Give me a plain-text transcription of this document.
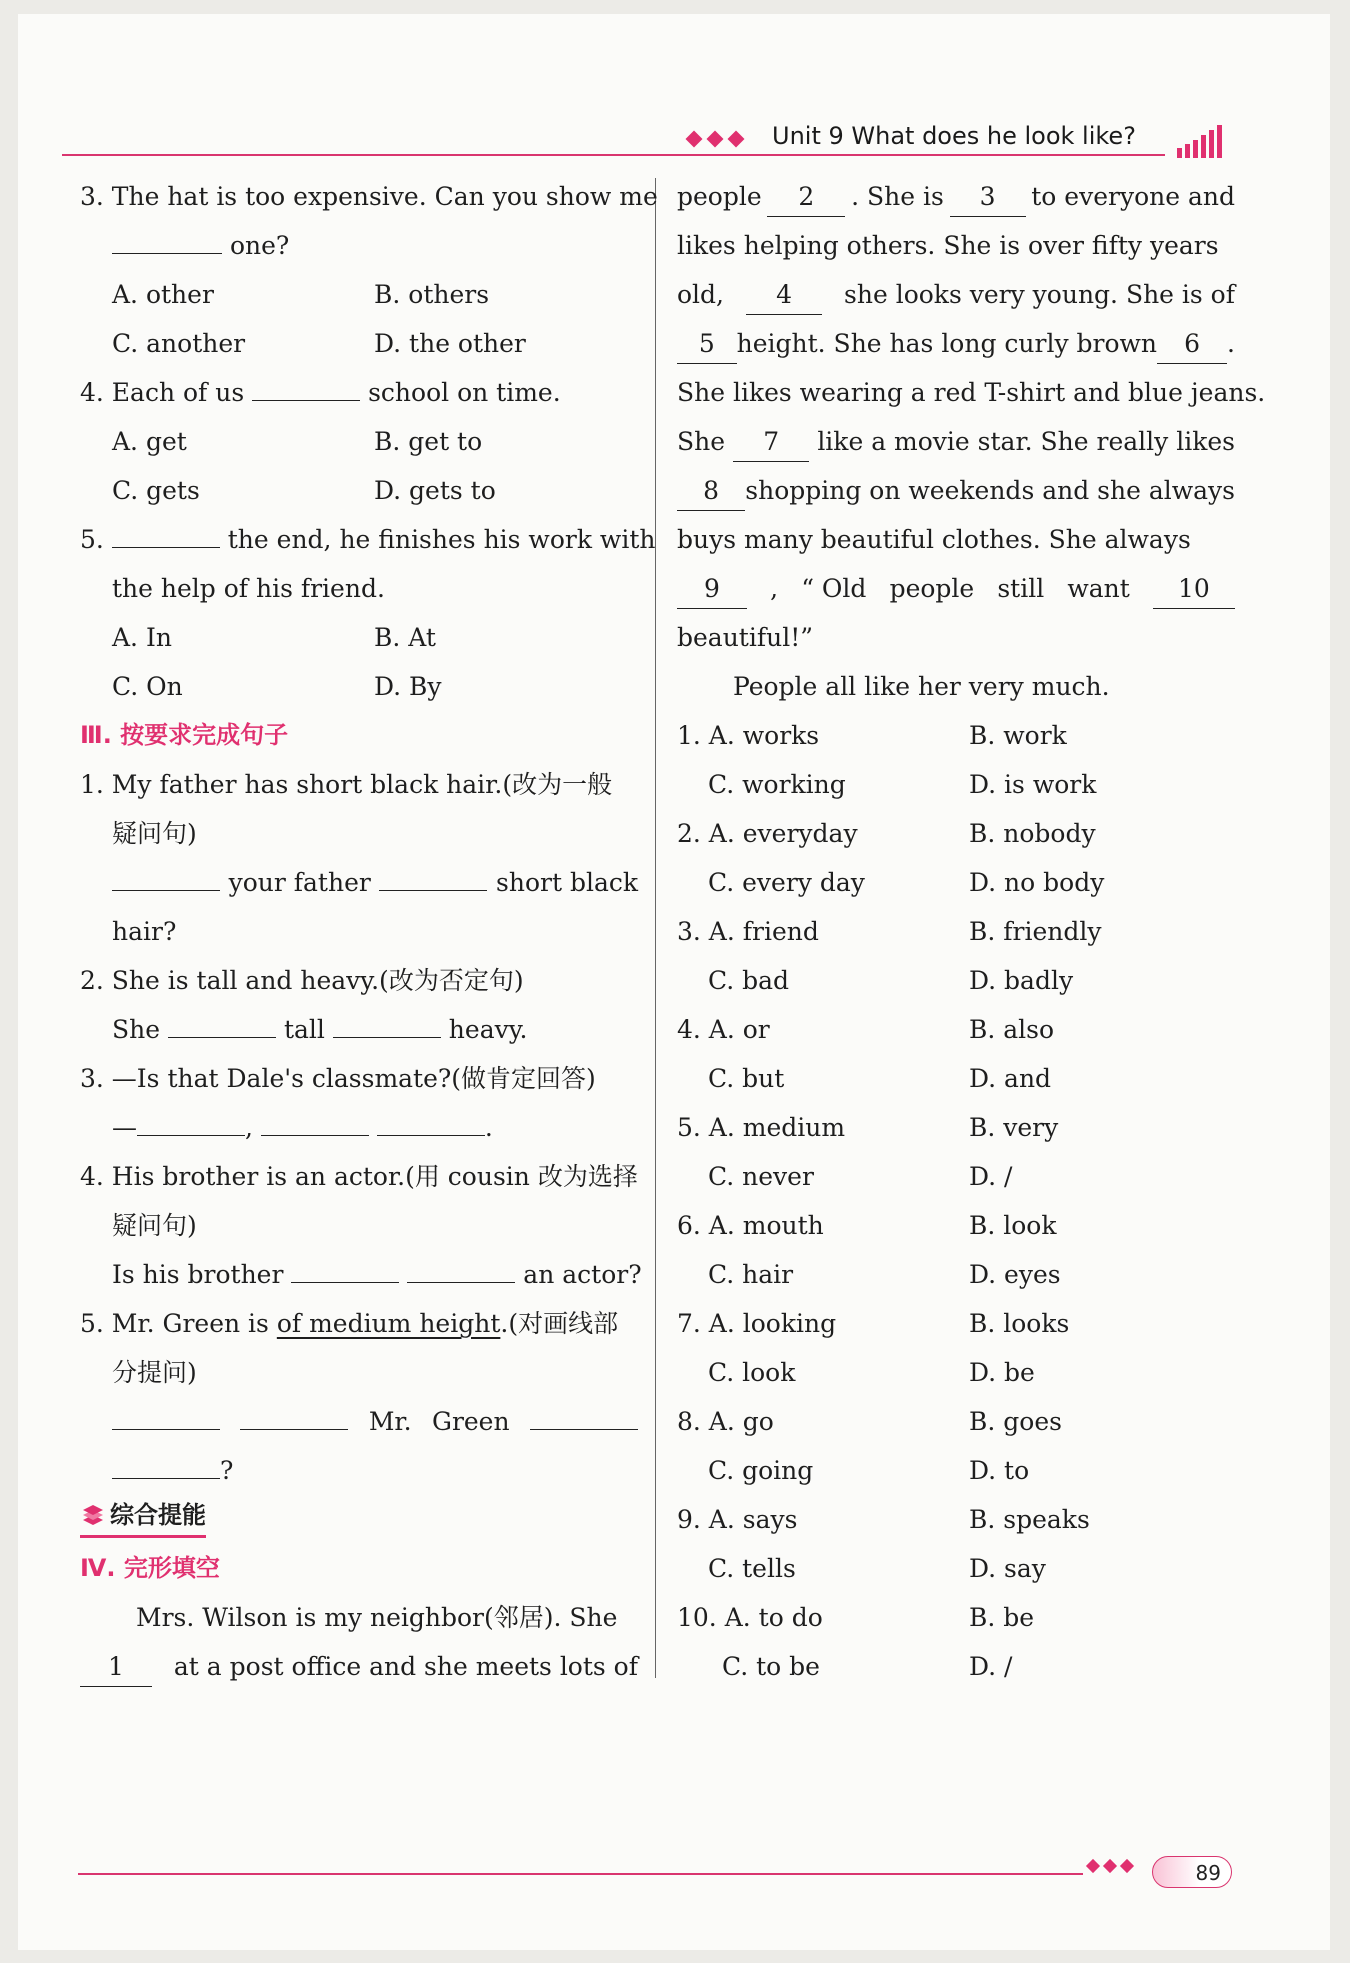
Unit 9 What does he look like?
3. The hat is too expensive. Can you show me
one?
A. other	B. others
C. another	D. the other
4. Each of us	school on time.
A. get	B. get to
C. gets	D. gets to
5.	the end, he finishes his work with
the help of his friend.
A. In	B. At
C. On	D. By
Ⅲ. 按要求完成句子
1. My father has short black hair.(改为一般
疑问句)
your father	short black
hair?
2. She is tall and heavy.(改为否定句)
She	tall	heavy.
3. —Is that Dale's classmate?(做肯定回答)
—	,	.
4. His brother is an actor.(用 cousin 改为选择
疑问句)
Is his brother	an actor?
5. Mr. Green is of medium height.(对画线部
分提问)
Mr. Green
?
综合提能
Ⅳ. 完形填空
Mrs. Wilson is my neighbor(邻居). She
1	at a post office and she meets lots of
people	2	. She is	3	to everyone and
likes helping others. She is over fifty years
old,	4	she looks very young. She is of
5 height. She has long curly brown	6 .
She likes wearing a red T-shirt and blue jeans.
She	7	like a movie star. She really likes
8	shopping on weekends and she always
buys many beautiful clothes. She always
9	, “ Old people still want	10
beautiful!”
People all like her very much.
1. A. works	B. work
C. working	D. is work
2. A. everyday	B. nobody
C. every day	D. no body
3. A. friend	B. friendly
C. bad	D. badly
4. A. or	B. also
C. but	D. and
5. A. medium	B. very
C. never	D. /
6. A. mouth	B. look
C. hair	D. eyes
7. A. looking	B. looks
C. look	D. be
8. A. go	B. goes
C. going	D. to
9. A. says	B. speaks
C. tells	D. say
10. A. to do	B. be
C. to be	D. /
89
